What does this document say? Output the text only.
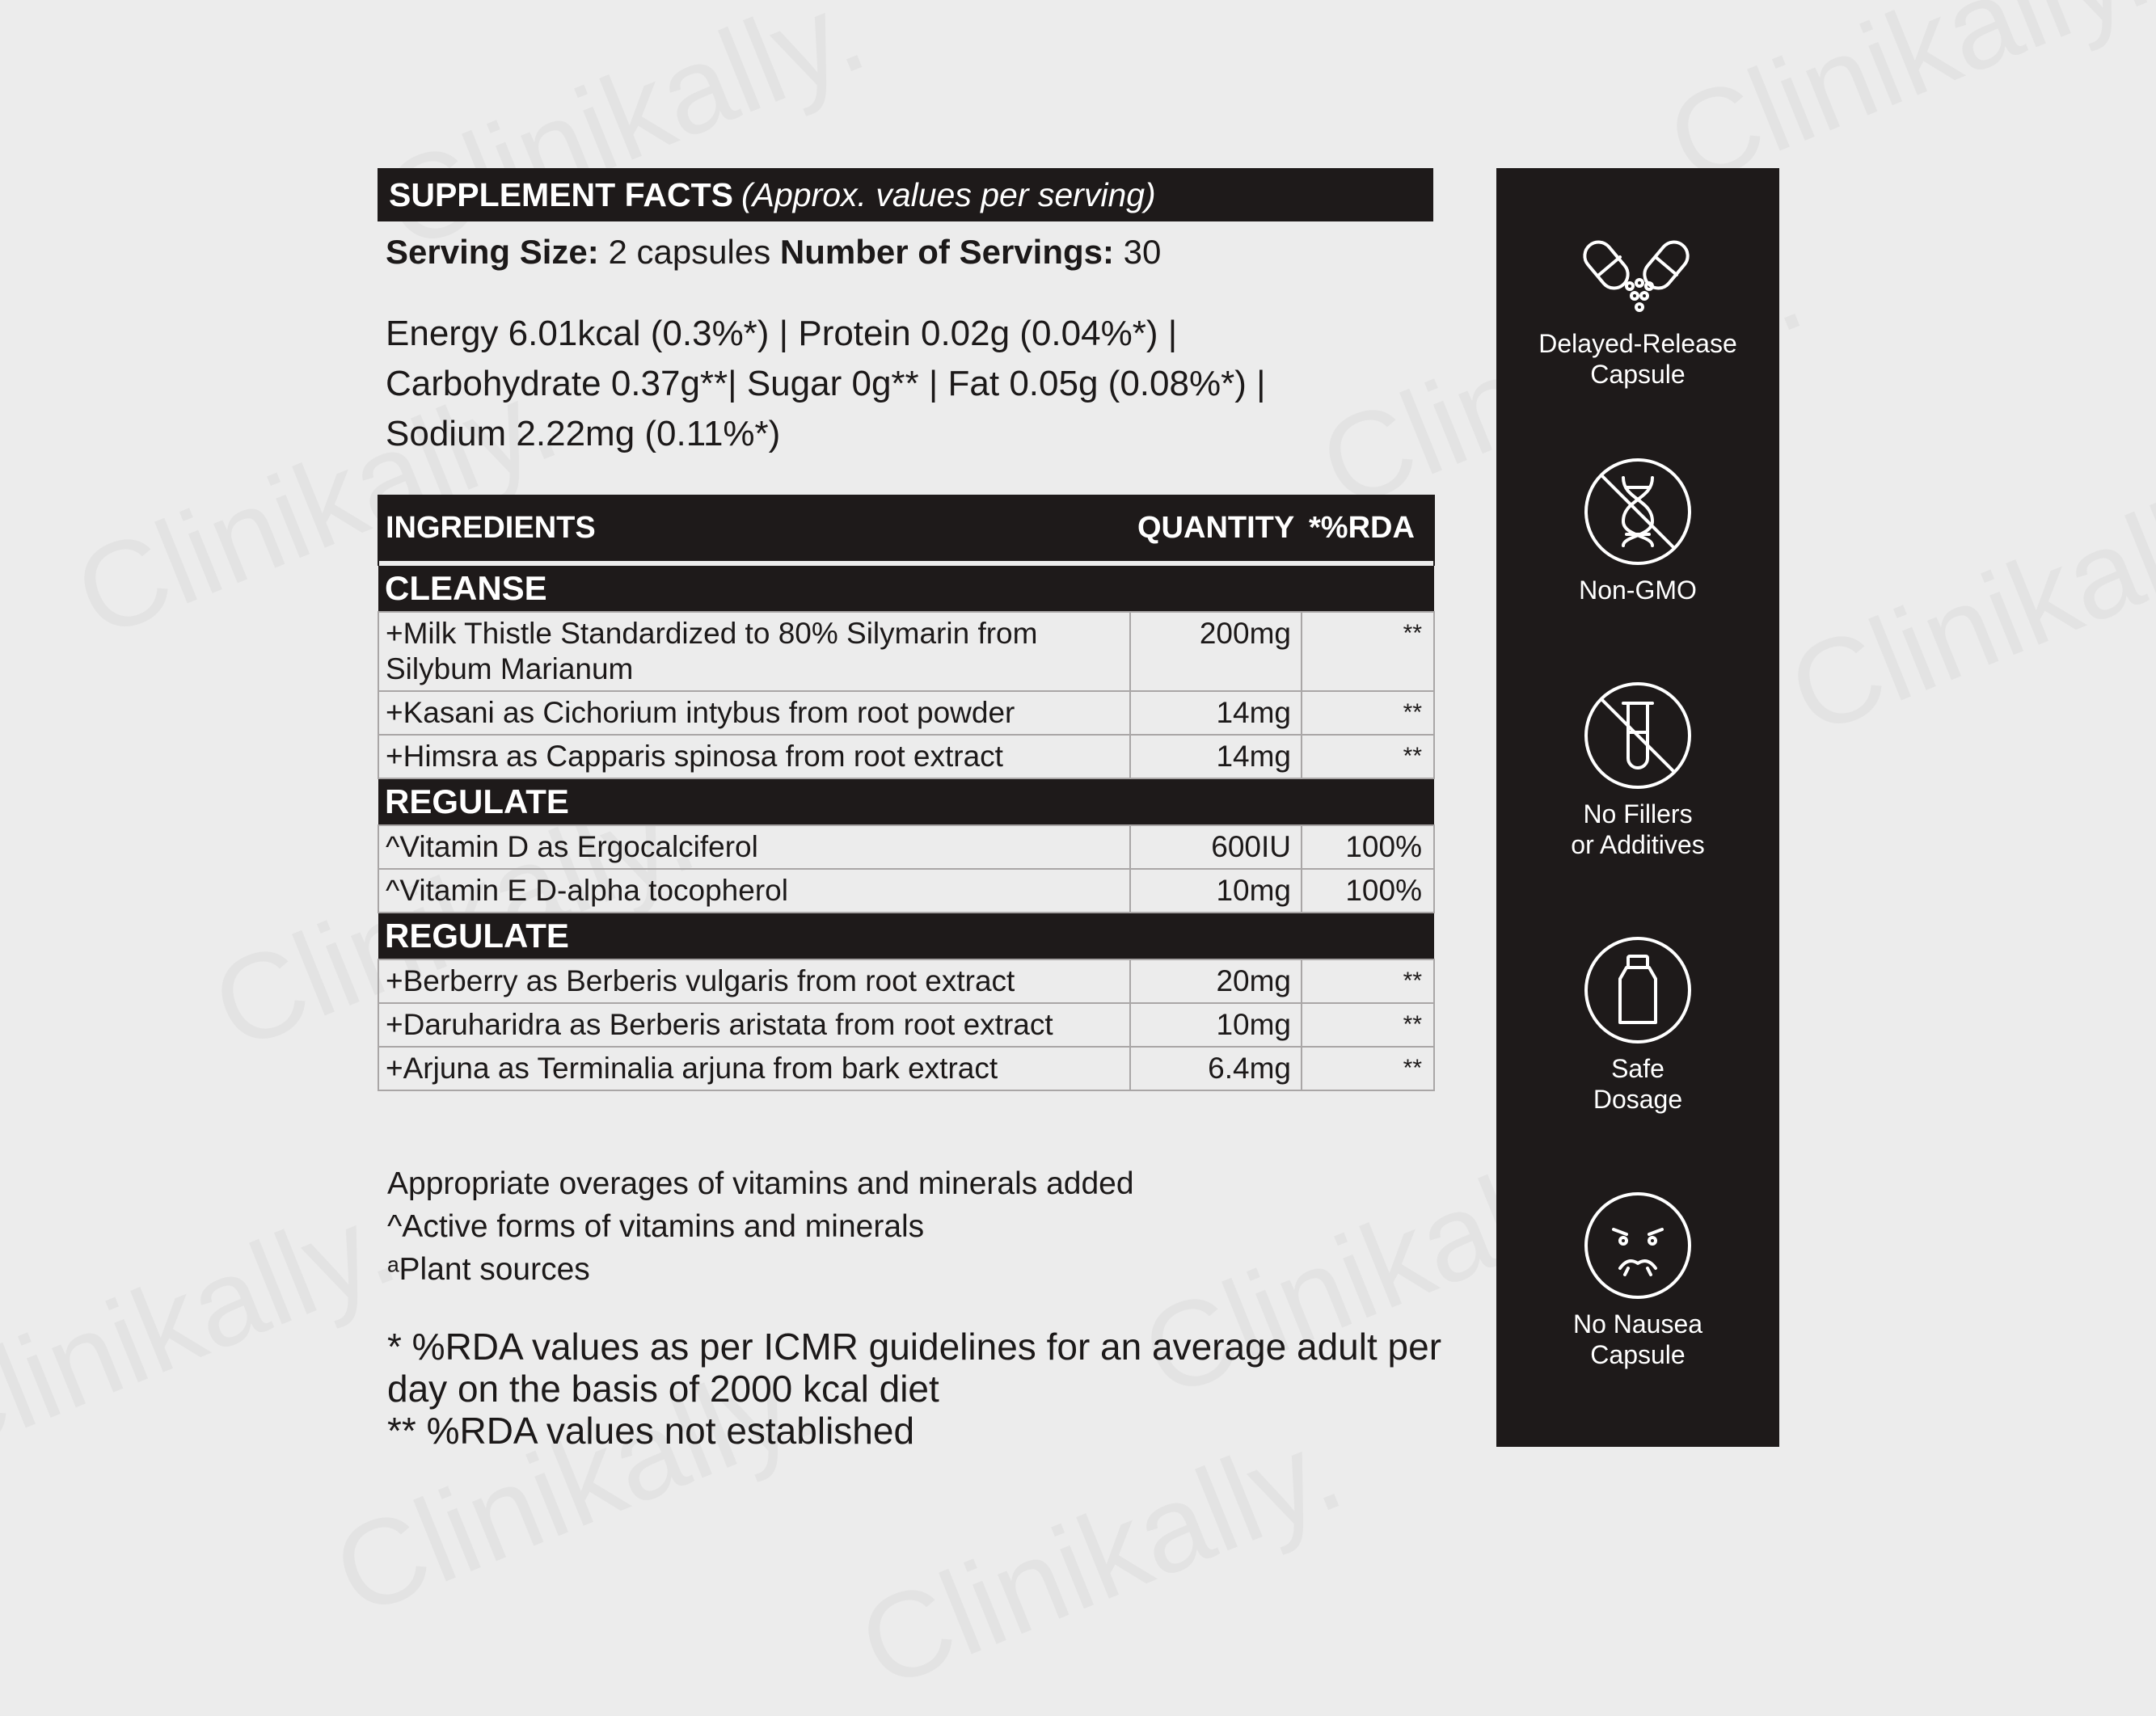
SUPPLEMENT FACTS (Approx. values per serving)
Serving Size: 2 capsules Number of Servings: 30
Energy 6.01kcal (0.3%*) | Protein 0.02g (0.04%*) |
Carbohydrate 0.37g**| Sugar 0g** | Fat 0.05g (0.08%*) |
Sodium 2.22mg (0.11%*)
INGREDIENTS	QUANTITY	*%RDA

CLEANSE		
+Milk Thistle Standardized to 80% Silymarin from Silybum Marianum	200mg	**
+Kasani as Cichorium intybus from root powder	14mg	**
+Himsra as Capparis spinosa from root extract	14mg	**
REGULATE		
^Vitamin D as Ergocalciferol	600IU	100%
^Vitamin E D-alpha tocopherol	10mg	100%
REGULATE		
+Berberry as Berberis vulgaris from root extract	20mg	**
+Daruharidra as Berberis aristata from root extract	10mg	**
+Arjuna as Terminalia arjuna from bark extract	6.4mg	**
Appropriate overages of vitamins and minerals added
^Active forms of vitamins and minerals
ᵃPlant sources
* %RDA values as per ICMR guidelines for an average adult per day on the basis of 2000 kcal diet
** %RDA values not established
Delayed-Release
Capsule
Non-GMO
No Fillers
or Additives
Safe
Dosage
No Nausea
Capsule
